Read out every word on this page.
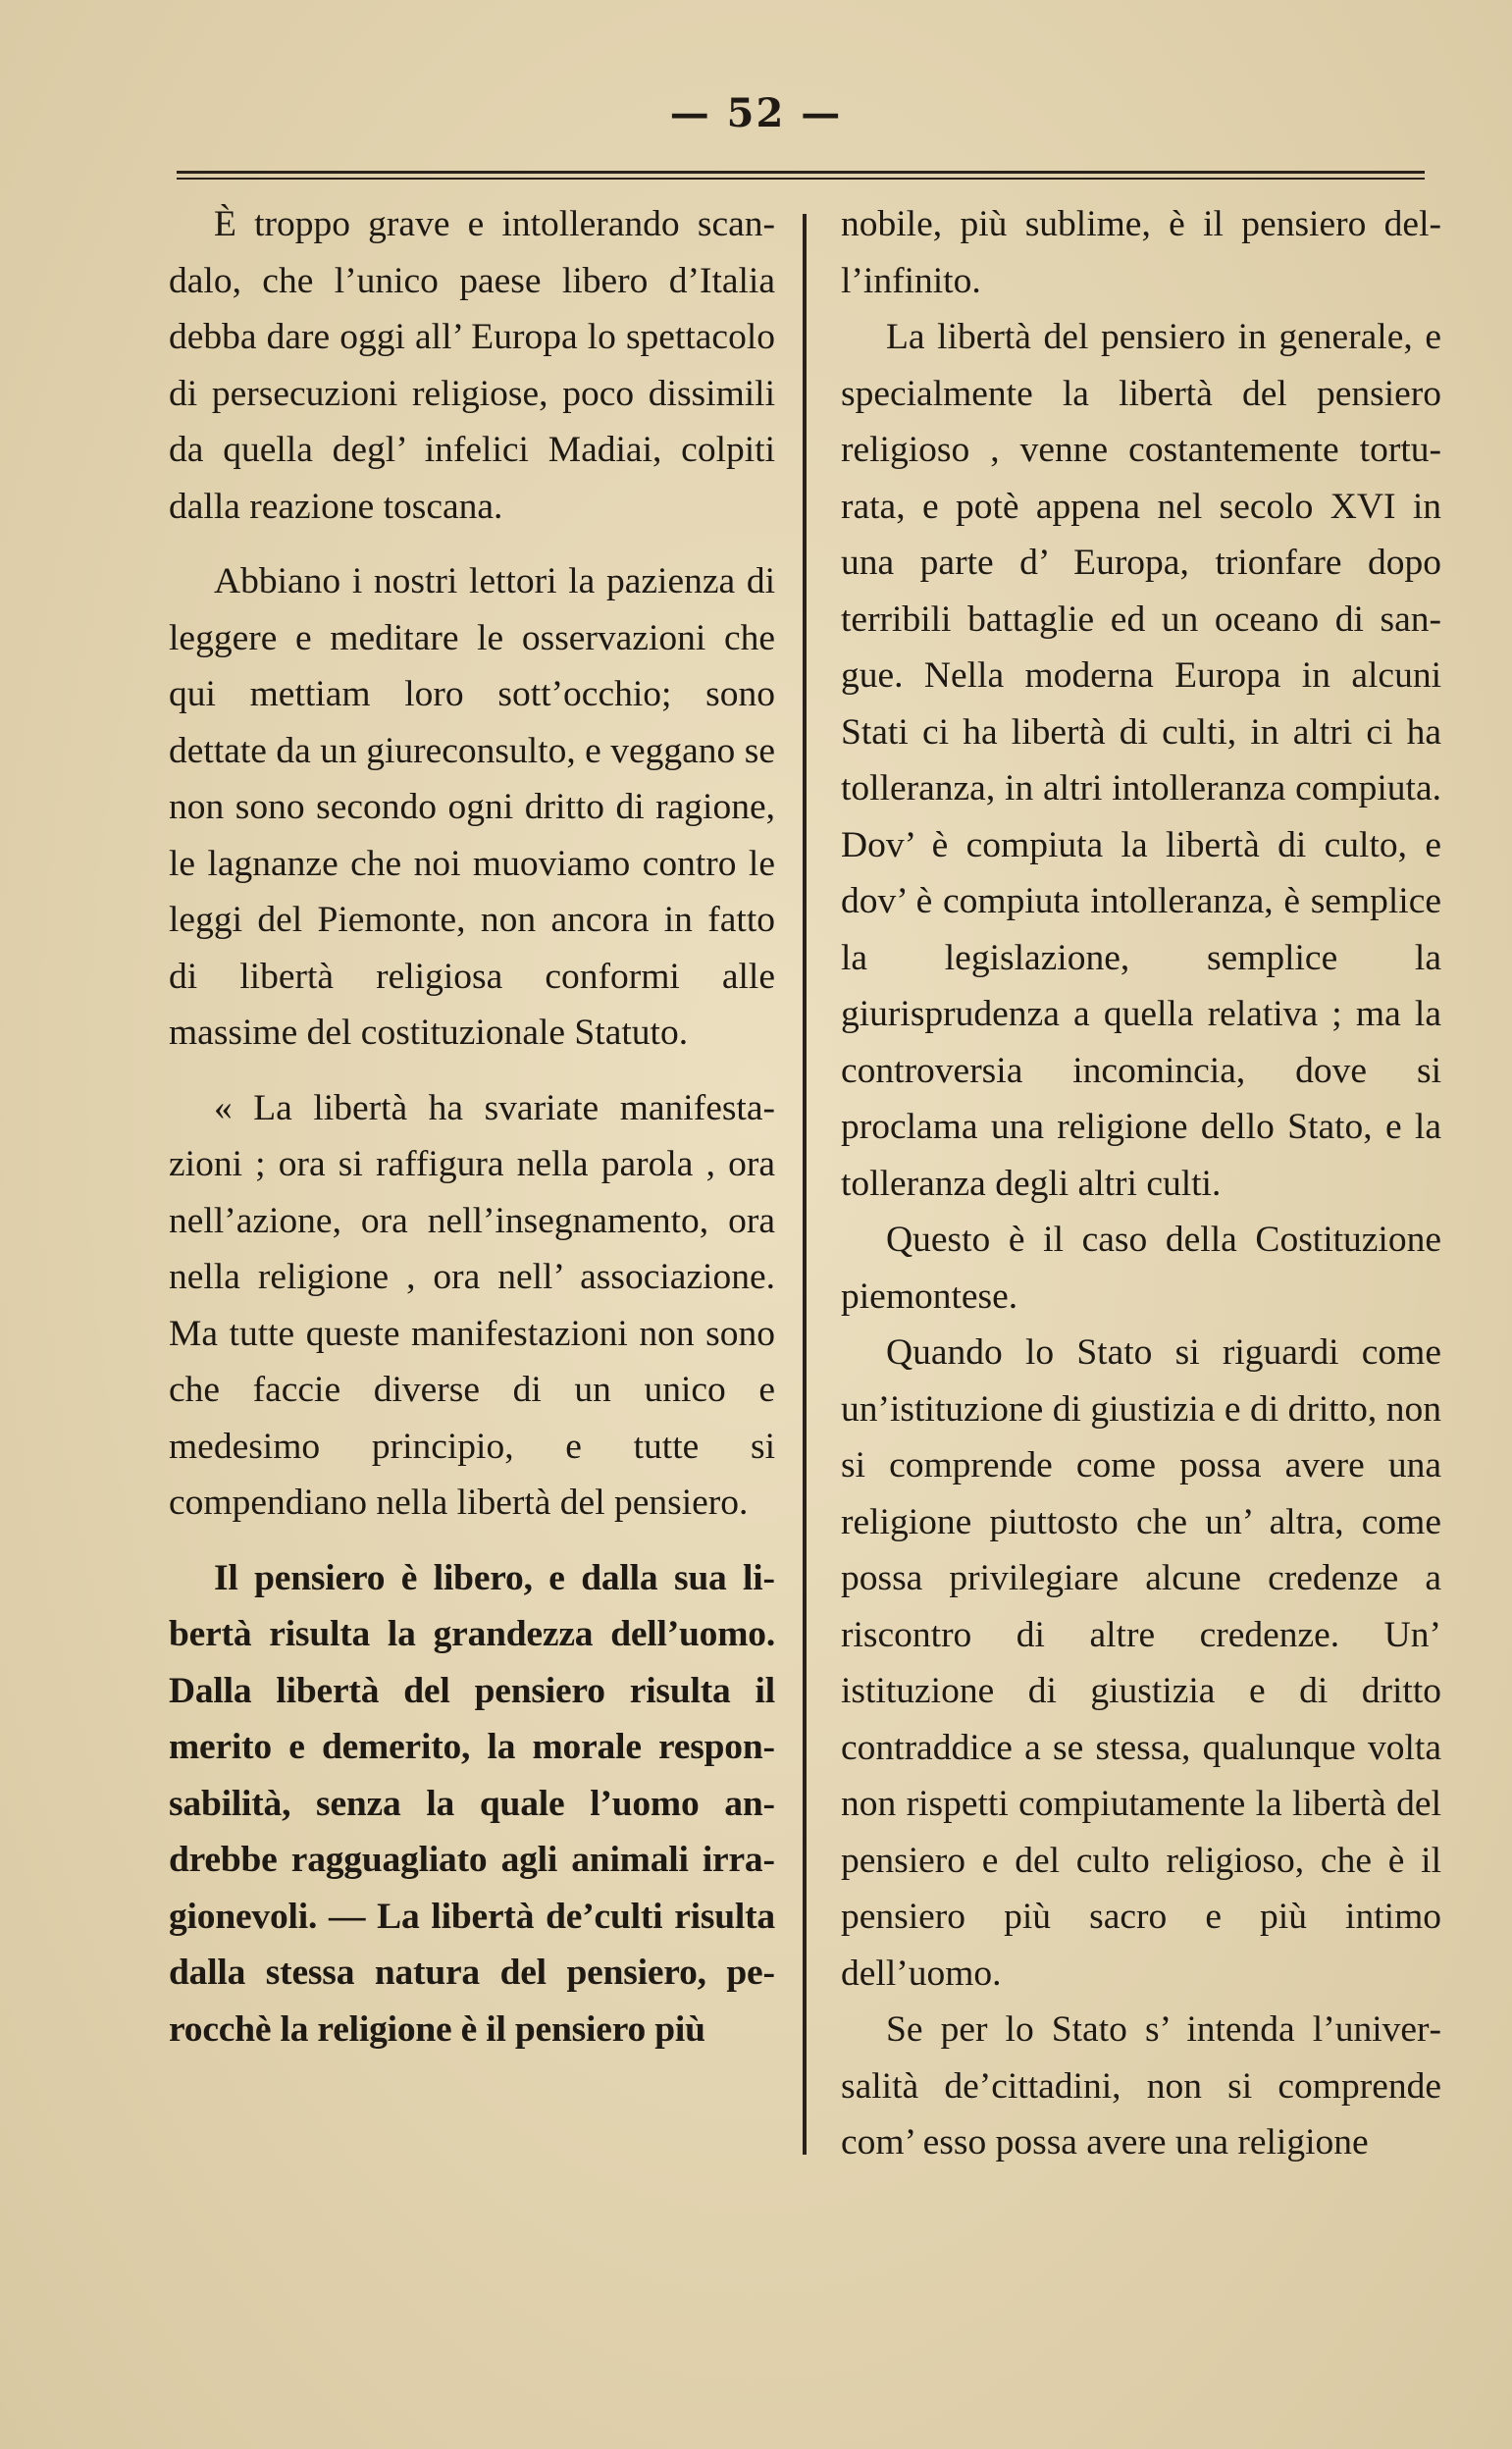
— 52 —

È troppo grave e intollerando scandalo, che l’unico paese libero d’Italia debba dare oggi all’ Europa lo spettacolo di persecuzioni religiose, poco dissimili da quella degl’ infelici Madiai, colpiti dalla reazione toscana.

Abbiano i nostri lettori la pazienza di leggere e meditare le osservazioni che qui mettiam loro sott’occhio; sono dettate da un giureconsulto, e veggano se non sono secondo ogni dritto di ragione, le lagnanze che noi muoviamo contro le leggi del Piemonte, non ancora in fatto di libertà religiosa conformi alle massime del costituzionale Statuto.

« La libertà ha svariate manifestazioni ; ora si raffigura nella parola , ora nell’azione, ora nell’insegnamento, ora nella religione , ora nell’ associazione. Ma tutte queste manifestazioni non sono che faccie diverse di un unico e medesimo principio, e tutte si compendiano nella libertà del pensiero.

Il pensiero è libero, e dalla sua libertà risulta la grandezza dell’uomo. Dalla libertà del pensiero risulta il merito e demerito, la morale responsabilità, senza la quale l’uomo andrebbe ragguagliato agli animali irragionevoli. — La libertà de’culti risulta dalla stessa natura del pensiero, perocchè la religione è il pensiero più

nobile, più sublime, è il pensiero dell’infinito.

La libertà del pensiero in generale, e specialmente la libertà del pensiero religioso , venne costantemente torturata, e potè appena nel secolo XVI in una parte d’ Europa, trionfare dopo terribili battaglie ed un oceano di sangue. Nella moderna Europa in alcuni Stati ci ha libertà di culti, in altri ci ha tolleranza, in altri intolleranza compiuta. Dov’ è compiuta la libertà di culto, e dov’ è compiuta intolleranza, è semplice la legislazione, semplice la giurisprudenza a quella relativa ; ma la controversia incomincia, dove si proclama una religione dello Stato, e la tolleranza degli altri culti.

Questo è il caso della Costituzione piemontese.

Quando lo Stato si riguardi come un’istituzione di giustizia e di dritto, non si comprende come possa avere una religione piuttosto che un’ altra, come possa privilegiare alcune credenze a riscontro di altre credenze. Un’ istituzione di giustizia e di dritto contraddice a se stessa, qualunque volta non rispetti compiutamente la libertà del pensiero e del culto religioso, che è il pensiero più sacro e più intimo dell’uomo.

Se per lo Stato s’ intenda l’universalità de’cittadini, non si comprende com’ esso possa avere una religione
